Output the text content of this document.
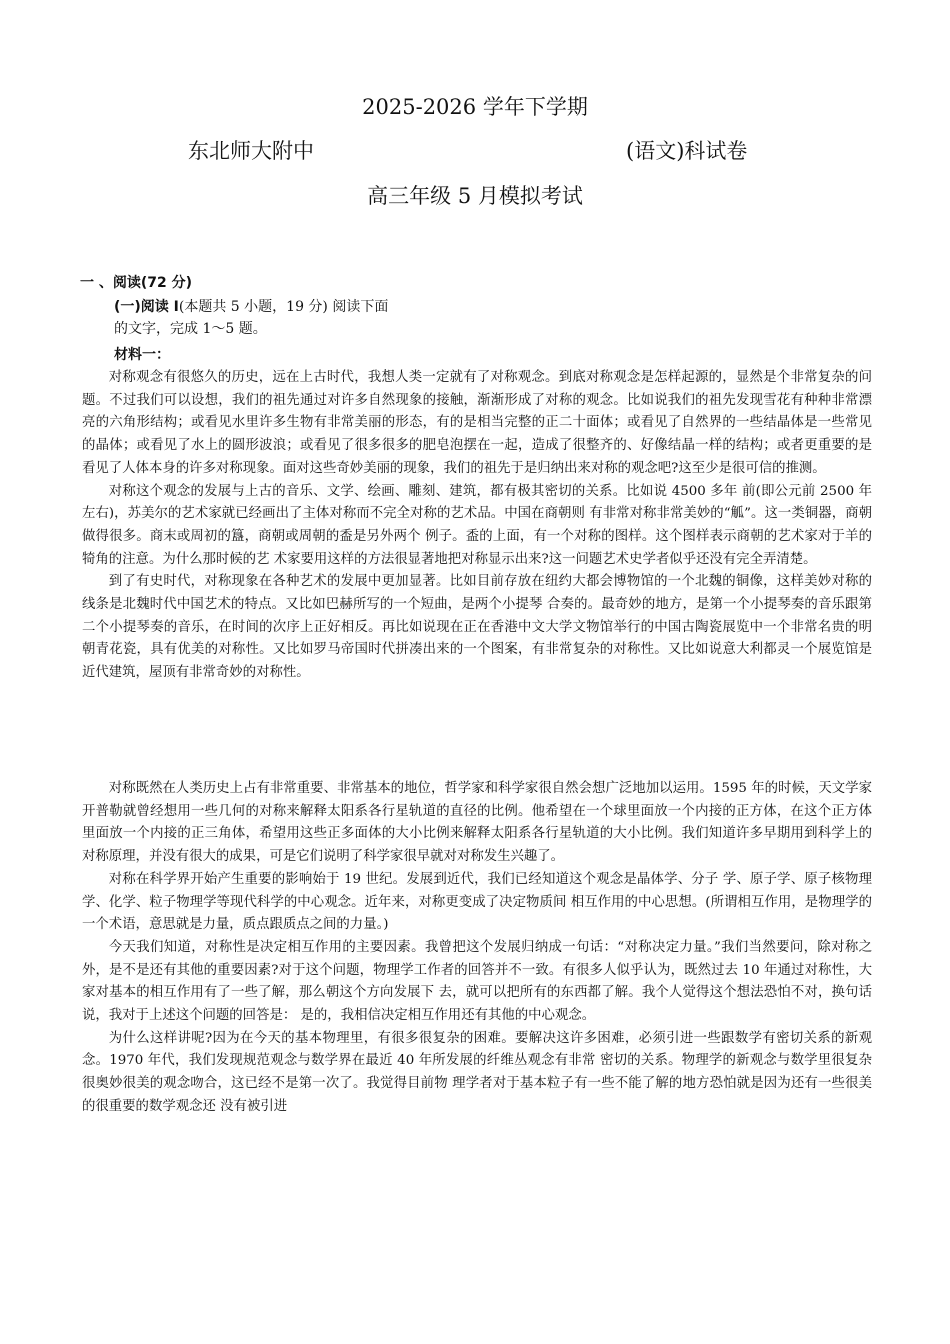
2025-2026 学年下学期
东北师大附中	(语文)科试卷
高三年级 5 月模拟考试
一 、阅读(72 分)
(一)阅读 Ⅰ(本题共 5 小题，19 分) 阅读下面的文字，完成 1～5 题。
材料一：

对称观念有很悠久的历史，远在上古时代，我想人类一定就有了对称观念。到底对称观念是怎样起源的，显然是个非常复杂的问题。不过我们可以设想，我们的祖先通过对许多自然现象的接触，渐渐形成了对称的观念。比如说我们的祖先发现雪花有种种非常漂亮的六角形结构；或看见水里许多生物有非常美丽的形态，有的是相当完整的正二十面体；或看见了自然界的一些结晶体是一些常见的晶体；或看见了水上的圆形波浪；或看见了很多很多的肥皂泡摆在一起，造成了很整齐的、好像结晶一样的结构；或者更重要的是看见了人体本身的许多对称现象。面对这些奇妙美丽的现象，我们的祖先于是归纳出来对称的观念吧?这至少是很可信的推测。

对称这个观念的发展与上古的音乐、文学、绘画、雕刻、建筑，都有极其密切的关系。比如说 4500 多年 前(即公元前 2500 年左右)，苏美尔的艺术家就已经画出了主体对称而不完全对称的艺术品。中国在商朝则 有非常对称非常美妙的“觚”。这一类铜器，商朝做得很多。商末或周初的簋，商朝或周朝的盉是另外两个 例子。盉的上面，有一个对称的图样。这个图样表示商朝的艺术家对于羊的犄角的注意。为什么那时候的艺 术家要用这样的方法很显著地把对称显示出来?这一问题艺术史学者似乎还没有完全弄清楚。

到了有史时代，对称现象在各种艺术的发展中更加显著。比如目前存放在纽约大都会博物馆的一个北魏的铜像，这样美妙对称的线条是北魏时代中国艺术的特点。又比如巴赫所写的一个短曲，是两个小提琴 合奏的。最奇妙的地方，是第一个小提琴奏的音乐跟第二个小提琴奏的音乐，在时间的次序上正好相反。再比如说现在正在香港中文大学文物馆举行的中国古陶瓷展览中一个非常名贵的明朝青花瓷，具有优美的对称性。又比如罗马帝国时代拼凑出来的一个图案，有非常复杂的对称性。又比如说意大利都灵一个展览馆是近代建筑，屋顶有非常奇妙的对称性。

对称既然在人类历史上占有非常重要、非常基本的地位，哲学家和科学家很自然会想广泛地加以运用。1595 年的时候，天文学家开普勒就曾经想用一些几何的对称来解释太阳系各行星轨道的直径的比例。他希望在一个球里面放一个内接的正方体，在这个正方体里面放一个内接的正三角体，希望用这些正多面体的大小比例来解释太阳系各行星轨道的大小比例。我们知道许多早期用到科学上的对称原理，并没有很大的成果，可是它们说明了科学家很早就对对称发生兴趣了。

对称在科学界开始产生重要的影响始于 19 世纪。发展到近代，我们已经知道这个观念是晶体学、分子 学、原子学、原子核物理学、化学、粒子物理学等现代科学的中心观念。近年来，对称更变成了决定物质间 相互作用的中心思想。(所谓相互作用，是物理学的一个术语，意思就是力量，质点跟质点之间的力量。)

今天我们知道，对称性是决定相互作用的主要因素。我曾把这个发展归纳成一句话：“对称决定力量。”我们当然要问，除对称之外，是不是还有其他的重要因素?对于这个问题，物理学工作者的回答并不一致。有很多人似乎认为，既然过去 10 年通过对称性，大家对基本的相互作用有了一些了解，那么朝这个方向发展下 去，就可以把所有的东西都了解。我个人觉得这个想法恐怕不对，换句话说，我对于上述这个问题的回答是： 是的，我相信决定相互作用还有其他的中心观念。

为什么这样讲呢?因为在今天的基本物理里，有很多很复杂的困难。要解决这许多困难，必须引进一些跟数学有密切关系的新观念。1970 年代，我们发现规范观念与数学界在最近 40 年所发展的纤维丛观念有非常 密切的关系。物理学的新观念与数学里很复杂很奥妙很美的观念吻合，这已经不是第一次了。我觉得目前物 理学者对于基本粒子有一些不能了解的地方恐怕就是因为还有一些很美的很重要的数学观念还 没有被引进
